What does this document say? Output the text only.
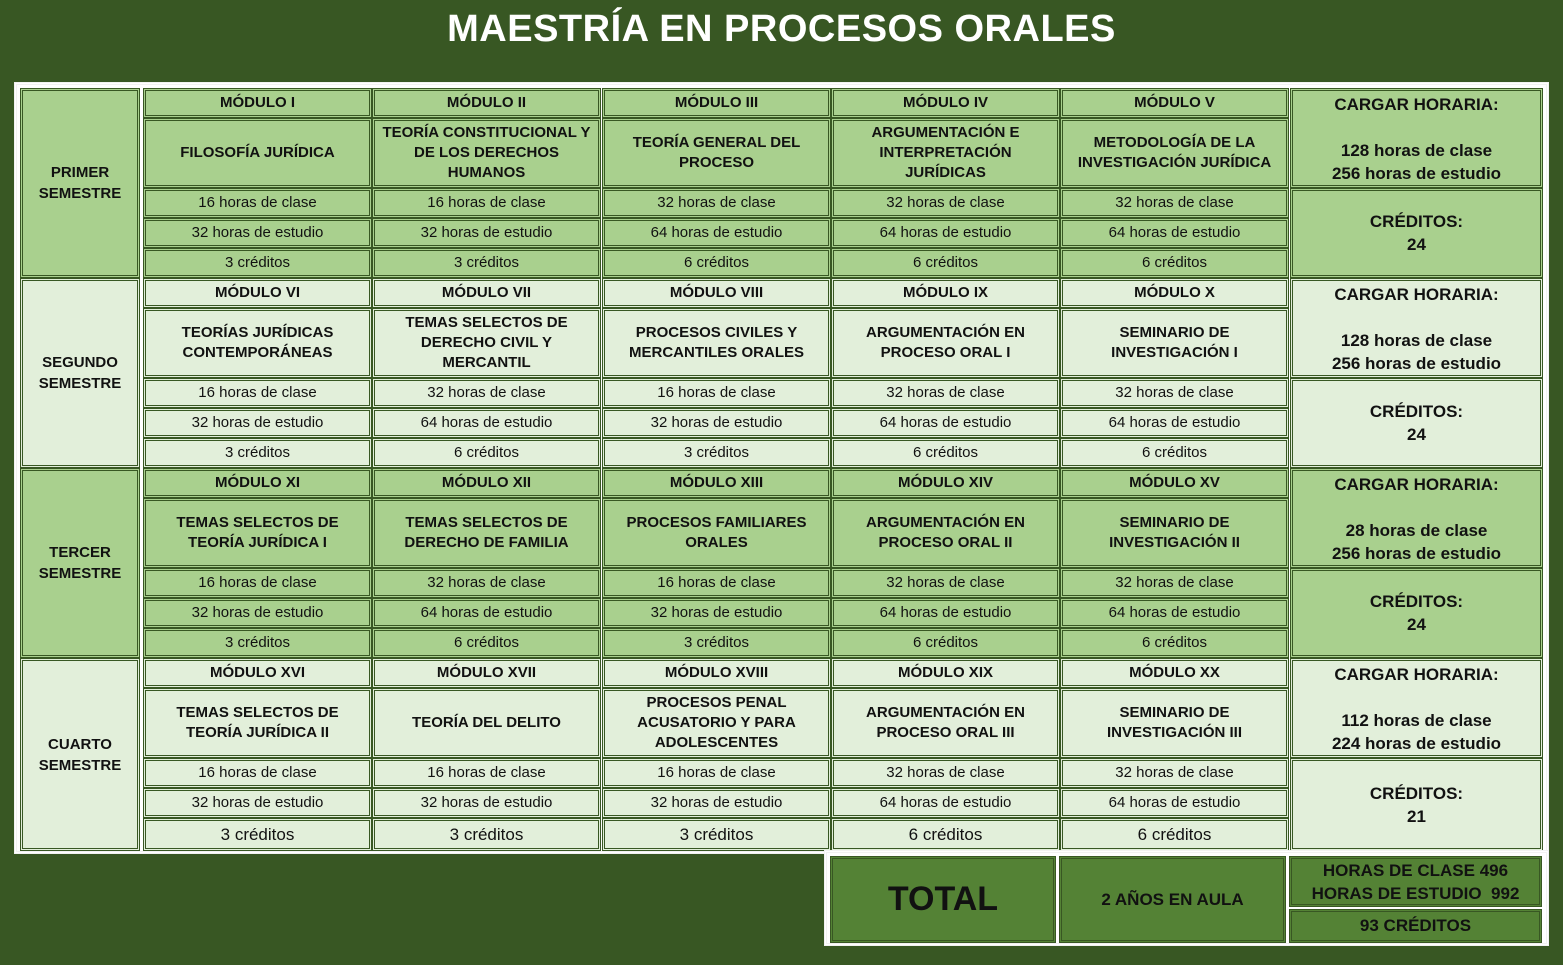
MAESTRÍA EN PROCESOS ORALES
PRIMER
SEMESTRE
MÓDULO I
FILOSOFÍA JURÍDICA
16 horas de clase
32 horas de estudio
3 créditos
MÓDULO II
TEORÍA CONSTITUCIONAL Y DE LOS DERECHOS HUMANOS
16 horas de clase
32 horas de estudio
3 créditos
MÓDULO III
TEORÍA GENERAL DEL PROCESO
32 horas de clase
64 horas de estudio
6 créditos
MÓDULO IV
ARGUMENTACIÓN E INTERPRETACIÓN JURÍDICAS
32 horas de clase
64 horas de estudio
6 créditos
MÓDULO V
METODOLOGÍA DE LA INVESTIGACIÓN JURÍDICA
32 horas de clase
64 horas de estudio
6 créditos
CARGAR HORARIA:
128 horas de clase
256 horas de estudio
CRÉDITOS:
24
SEGUNDO
SEMESTRE
MÓDULO VI
TEORÍAS JURÍDICAS CONTEMPORÁNEAS
16 horas de clase
32 horas de estudio
3 créditos
MÓDULO VII
TEMAS SELECTOS DE DERECHO CIVIL Y MERCANTIL
32 horas de clase
64 horas de estudio
6 créditos
MÓDULO VIII
PROCESOS CIVILES Y MERCANTILES ORALES
16 horas de clase
32 horas de estudio
3 créditos
MÓDULO IX
ARGUMENTACIÓN EN PROCESO ORAL I
32 horas de clase
64 horas de estudio
6 créditos
MÓDULO X
SEMINARIO DE INVESTIGACIÓN I
32 horas de clase
64 horas de estudio
6 créditos
CARGAR HORARIA:
128 horas de clase
256 horas de estudio
CRÉDITOS:
24
TERCER
SEMESTRE
MÓDULO XI
TEMAS SELECTOS DE TEORÍA JURÍDICA I
16 horas de clase
32 horas de estudio
3 créditos
MÓDULO XII
TEMAS SELECTOS DE DERECHO DE FAMILIA
32 horas de clase
64 horas de estudio
6 créditos
MÓDULO XIII
PROCESOS FAMILIARES ORALES
16 horas de clase
32 horas de estudio
3 créditos
MÓDULO XIV
ARGUMENTACIÓN EN PROCESO ORAL II
32 horas de clase
64 horas de estudio
6 créditos
MÓDULO XV
SEMINARIO DE INVESTIGACIÓN II
32 horas de clase
64 horas de estudio
6 créditos
CARGAR HORARIA:
28 horas de clase
256 horas de estudio
CRÉDITOS:
24
CUARTO
SEMESTRE
MÓDULO XVI
TEMAS SELECTOS DE TEORÍA JURÍDICA II
16 horas de clase
32 horas de estudio
3 créditos
MÓDULO XVII
TEORÍA DEL DELITO
16 horas de clase
32 horas de estudio
3 créditos
MÓDULO XVIII
PROCESOS PENAL ACUSATORIO Y PARA ADOLESCENTES
16 horas de clase
32 horas de estudio
3 créditos
MÓDULO XIX
ARGUMENTACIÓN EN PROCESO ORAL III
32 horas de clase
64 horas de estudio
6 créditos
MÓDULO XX
SEMINARIO DE INVESTIGACIÓN III
32 horas de clase
64 horas de estudio
6 créditos
CARGAR HORARIA:
112 horas de clase
224 horas de estudio
CRÉDITOS:
21
TOTAL	2 AÑOS EN AULA
HORAS DE CLASE 496
HORAS DE ESTUDIO  992
93 CRÉDITOS
